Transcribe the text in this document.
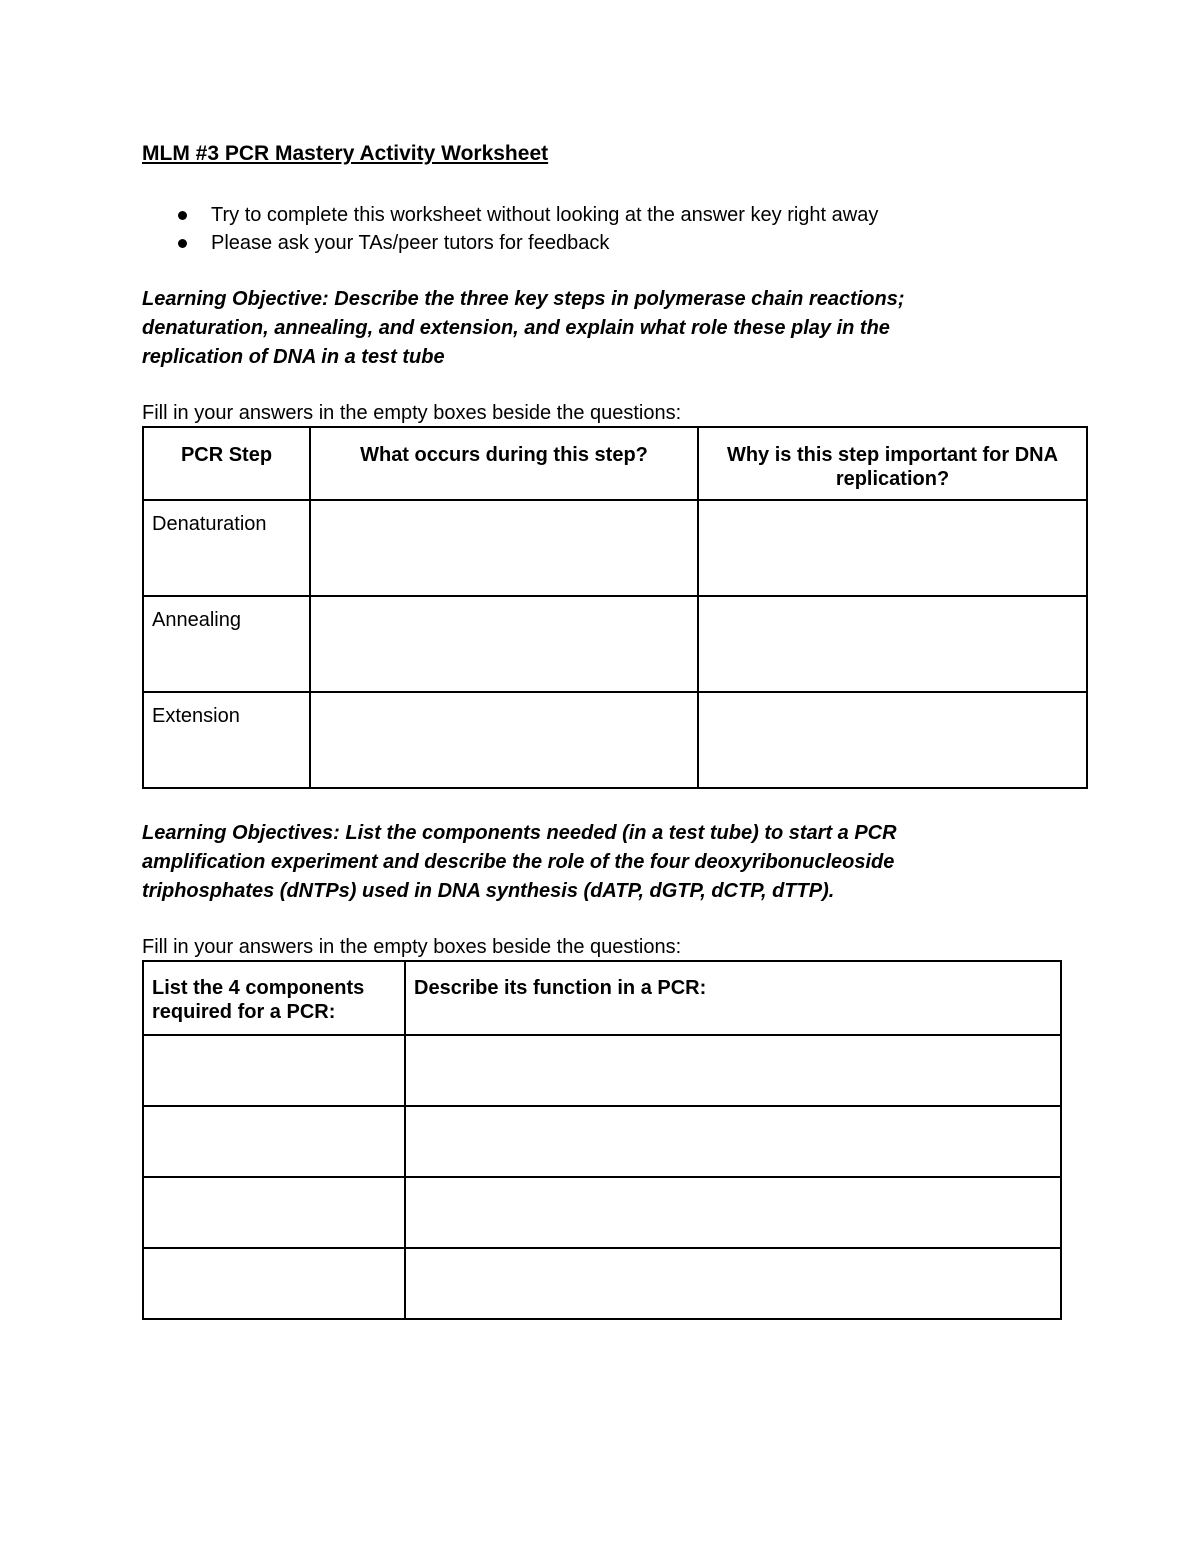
MLM #3 PCR Mastery Activity Worksheet
Try to complete this worksheet without looking at the answer key right away
Please ask your TAs/peer tutors for feedback

Learning Objective: Describe the three key steps in polymerase chain reactions;
denaturation, annealing, and extension, and explain what role these play in the
replication of DNA in a test tube

Fill in your answers in the empty boxes beside the questions:
PCR Step	What occurs during this step?	Why is this step important for DNA replication?
Denaturation		
Annealing		
Extension		

Learning Objectives: List the components needed (in a test tube) to start a PCR
amplification experiment and describe the role of the four deoxyribonucleoside
triphosphates (dNTPs) used in DNA synthesis (dATP, dGTP, dCTP, dTTP).

Fill in your answers in the empty boxes beside the questions:
List the 4 components required for a PCR:	Describe its function in a PCR:
